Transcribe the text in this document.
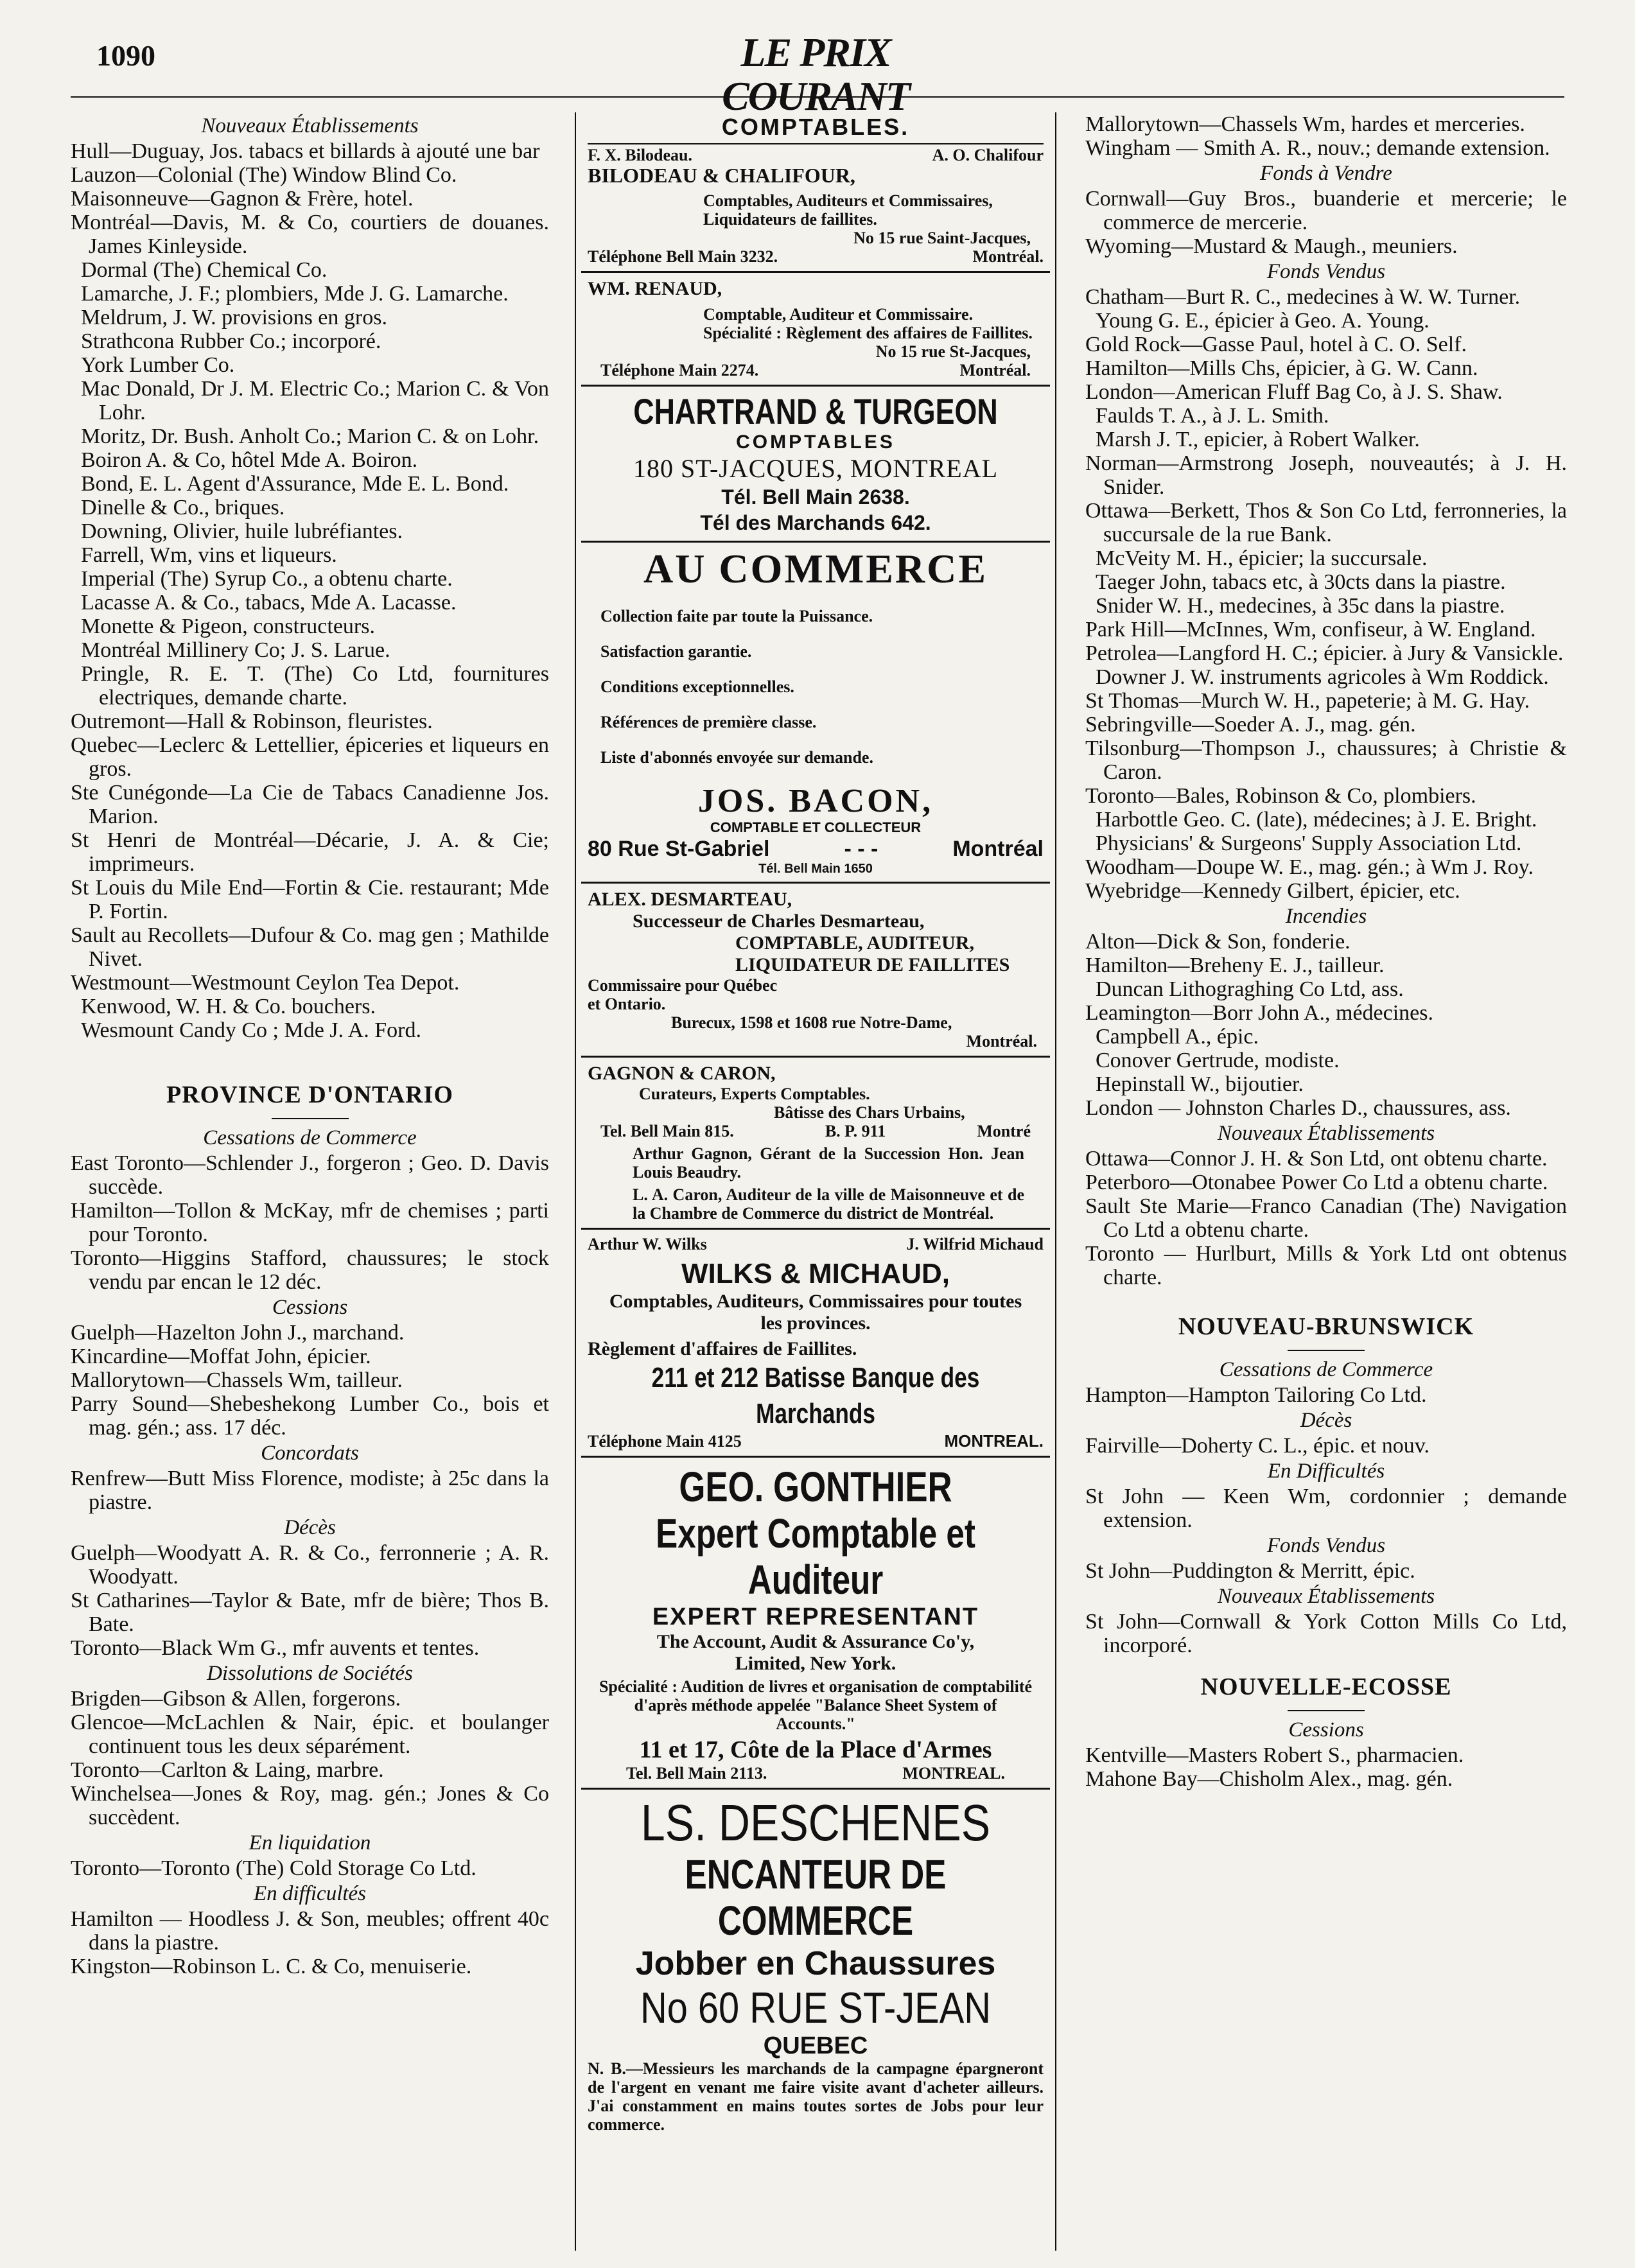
1090	LE PRIX COURANT
Nouveaux Établissements

Hull—Duguay, Jos. tabacs et billards à ajouté une bar

Lauzon—Colonial (The) Window Blind Co.

Maisonneuve—Gagnon & Frère, hotel.

Montréal—Davis, M. & Co, courtiers de douanes. James Kinleyside.

Dormal (The) Chemical Co.

Lamarche, J. F.; plombiers, Mde J. G. Lamarche.

Meldrum, J. W. provisions en gros.

Strathcona Rubber Co.; incorporé.

York Lumber Co.

Mac Donald, Dr J. M. Electric Co.; Marion C. & Von Lohr.

Moritz, Dr. Bush. Anholt Co.; Marion C. & on Lohr.

Boiron A. & Co, hôtel Mde A. Boiron.

Bond, E. L. Agent d'Assurance, Mde E. L. Bond.

Dinelle & Co., briques.

Downing, Olivier, huile lubréfiantes.

Farrell, Wm, vins et liqueurs.

Imperial (The) Syrup Co., a obtenu charte.

Lacasse A. & Co., tabacs, Mde A. Lacasse.

Monette & Pigeon, constructeurs.

Montréal Millinery Co; J. S. Larue.

Pringle, R. E. T. (The) Co Ltd, fournitures electriques, demande charte.

Outremont—Hall & Robinson, fleuristes.

Quebec—Leclerc & Lettellier, épiceries et liqueurs en gros.

Ste Cunégonde—La Cie de Tabacs Canadienne Jos. Marion.

St Henri de Montréal—Décarie, J. A. & Cie; imprimeurs.

St Louis du Mile End—Fortin & Cie. restaurant; Mde P. Fortin.

Sault au Recollets—Dufour & Co. mag gen ; Mathilde Nivet.

Westmount—Westmount Ceylon Tea Depot.

Kenwood, W. H. & Co. bouchers.

Wesmount Candy Co ; Mde J. A. Ford.

PROVINCE D'ONTARIO
Cessations de Commerce

East Toronto—Schlender J., forgeron ; Geo. D. Davis succède.

Hamilton—Tollon & McKay, mfr de chemises ; parti pour Toronto.

Toronto—Higgins Stafford, chaussures; le stock vendu par encan le 12 déc.

Cessions

Guelph—Hazelton John J., marchand.

Kincardine—Moffat John, épicier.

Mallorytown—Chassels Wm, tailleur.

Parry Sound—Shebeshekong Lumber Co., bois et mag. gén.; ass. 17 déc.

Concordats

Renfrew—Butt Miss Florence, modiste; à 25c dans la piastre.

Décès

Guelph—Woodyatt A. R. & Co., ferronnerie ; A. R. Woodyatt.

St Catharines—Taylor & Bate, mfr de bière; Thos B. Bate.

Toronto—Black Wm G., mfr auvents et tentes.

Dissolutions de Sociétés

Brigden—Gibson & Allen, forgerons.

Glencoe—McLachlen & Nair, épic. et boulanger continuent tous les deux séparément.

Toronto—Carlton & Laing, marbre.

Winchelsea—Jones & Roy, mag. gén.; Jones & Co succèdent.

En liquidation

Toronto—Toronto (The) Cold Storage Co Ltd.

En difficultés

Hamilton — Hoodless J. & Son, meubles; offrent 40c dans la piastre.

Kingston—Robinson L. C. & Co, menuiserie.

COMPTABLES.
F. X. Bilodeau.	A. O. Chalifour
BILODEAU & CHALIFOUR,
Comptables, Auditeurs et Commissaires, Liquidateurs de faillites.
No 15 rue Saint-Jacques,
Téléphone Bell Main 3232.	Montréal.
WM. RENAUD,
Comptable, Auditeur et Commissaire. Spécialité : Règlement des affaires de Faillites.
No 15 rue St-Jacques,
Téléphone Main 2274.	Montréal.
CHARTRAND & TURGEON
COMPTABLES
180 ST-JACQUES, MONTREAL
Tél. Bell Main 2638.
Tél des Marchands 642.
AU COMMERCE

Collection faite par toute la Puissance.

Satisfaction garantie.

Conditions exceptionnelles.

Références de première classe.

Liste d'abonnés envoyée sur demande.

JOS. BACON,
COMPTABLE ET COLLECTEUR
80 Rue St-Gabriel	- - -	Montréal
Tél. Bell Main 1650
ALEX. DESMARTEAU,
Successeur de Charles Desmarteau,
COMPTABLE, AUDITEUR,
LIQUIDATEUR DE FAILLITES
Commissaire pour Québec et Ontario.
Burecux, 1598 et 1608 rue Notre-Dame,
Montréal.
GAGNON & CARON,
Curateurs, Experts Comptables.
Bâtisse des Chars Urbains,
Tel. Bell Main 815.	B. P. 911	Montré
Arthur Gagnon, Gérant de la Succession Hon. Jean Louis Beaudry.
L. A. Caron, Auditeur de la ville de Maisonneuve et de la Chambre de Commerce du district de Montréal.
Arthur W. Wilks	J. Wilfrid Michaud
WILKS & MICHAUD,
Comptables, Auditeurs, Commissaires pour toutes les provinces.
Règlement d'affaires de Faillites.
211 et 212 Batisse Banque des Marchands
Téléphone Main 4125	MONTREAL.
GEO. GONTHIER
Expert Comptable et Auditeur
EXPERT REPRESENTANT
The Account, Audit & Assurance Co'y, Limited, New York.
Spécialité : Audition de livres et organisation de comptabilité d'après méthode appelée "Balance Sheet System of Accounts."
11 et 17, Côte de la Place d'Armes
Tel. Bell Main 2113.	MONTREAL.
LS. DESCHENES
ENCANTEUR DE COMMERCE
Jobber en Chaussures
No 60 RUE ST-JEAN
QUEBEC
N. B.—Messieurs les marchands de la campagne épargneront de l'argent en venant me faire visite avant d'acheter ailleurs. J'ai constamment en mains toutes sortes de Jobs pour leur commerce.

Mallorytown—Chassels Wm, hardes et merceries.

Wingham — Smith A. R., nouv.; demande extension.

Fonds à Vendre

Cornwall—Guy Bros., buanderie et mercerie; le commerce de mercerie.

Wyoming—Mustard & Maugh., meuniers.

Fonds Vendus

Chatham—Burt R. C., medecines à W. W. Turner.

Young G. E., épicier à Geo. A. Young.

Gold Rock—Gasse Paul, hotel à C. O. Self.

Hamilton—Mills Chs, épicier, à G. W. Cann.

London—American Fluff Bag Co, à J. S. Shaw.

Faulds T. A., à J. L. Smith.

Marsh J. T., epicier, à Robert Walker.

Norman—Armstrong Joseph, nouveautés; à J. H. Snider.

Ottawa—Berkett, Thos & Son Co Ltd, ferronneries, la succursale de la rue Bank.

McVeity M. H., épicier; la succursale.

Taeger John, tabacs etc, à 30cts dans la piastre.

Snider W. H., medecines, à 35c dans la piastre.

Park Hill—McInnes, Wm, confiseur, à W. England.

Petrolea—Langford H. C.; épicier. à Jury & Vansickle.

Downer J. W. instruments agricoles à Wm Roddick.

St Thomas—Murch W. H., papeterie; à M. G. Hay.

Sebringville—Soeder A. J., mag. gén.

Tilsonburg—Thompson J., chaussures; à Christie & Caron.

Toronto—Bales, Robinson & Co, plombiers.

Harbottle Geo. C. (late), médecines; à J. E. Bright.

Physicians' & Surgeons' Supply Association Ltd.

Woodham—Doupe W. E., mag. gén.; à Wm J. Roy.

Wyebridge—Kennedy Gilbert, épicier, etc.

Incendies

Alton—Dick & Son, fonderie.

Hamilton—Breheny E. J., tailleur.

Duncan Lithograghing Co Ltd, ass.

Leamington—Borr John A., médecines.

Campbell A., épic.

Conover Gertrude, modiste.

Hepinstall W., bijoutier.

London — Johnston Charles D., chaussures, ass.

Nouveaux Établissements

Ottawa—Connor J. H. & Son Ltd, ont obtenu charte.

Peterboro—Otonabee Power Co Ltd a obtenu charte.

Sault Ste Marie—Franco Canadian (The) Navigation Co Ltd a obtenu charte.

Toronto — Hurlburt, Mills & York Ltd ont obtenus charte.

NOUVEAU-BRUNSWICK
Cessations de Commerce

Hampton—Hampton Tailoring Co Ltd.

Décès

Fairville—Doherty C. L., épic. et nouv.

En Difficultés

St John — Keen Wm, cordonnier ; demande extension.

Fonds Vendus

St John—Puddington & Merritt, épic.

Nouveaux Établissements

St John—Cornwall & York Cotton Mills Co Ltd, incorporé.

NOUVELLE-ECOSSE
Cessions

Kentville—Masters Robert S., pharmacien.

Mahone Bay—Chisholm Alex., mag. gén.
